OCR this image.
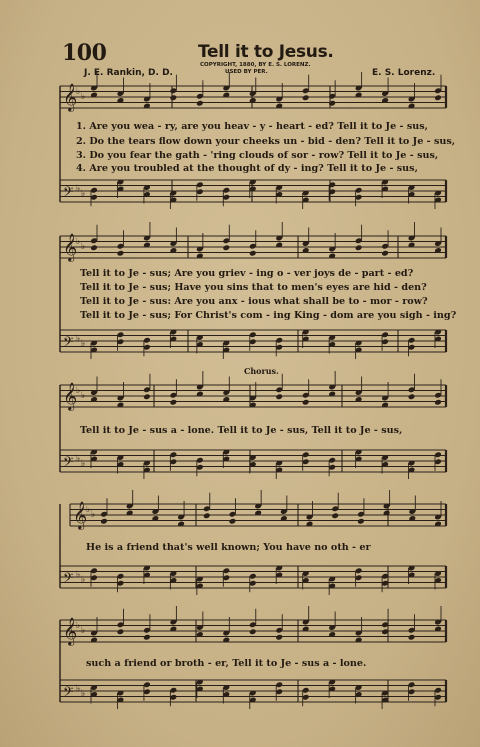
100	Tell it to Jesus.
COPYRIGHT, 1880, BY E. S. LORENZ.
USED BY PER.
J. E. Rankin, D. D.	E. S. Lorenz.
𝄞
♭ ♭
𝄢 ♭ ♭
𝄞
♭ ♭
𝄢 ♭ ♭
𝄞
♭ ♭
𝄢 ♭ ♭
𝄞
♭ ♭
𝄢 ♭ ♭
𝄞
♭ ♭
𝄢 ♭ ♭
1. Are you wea - ry, are you heav - y - heart - ed? Tell it to Je - sus,
2. Do the tears flow down your cheeks un - bid - den? Tell it to Je - sus,
3. Do you fear the gath - 'ring clouds of sor - row? Tell it to Je - sus,
4. Are you troubled at the thought of dy - ing? Tell it to Je - sus,
Tell it to Je - sus; Are you griev - ing o - ver joys de - part - ed?
Tell it to Je - sus; Have you sins that to men's eyes are hid - den?
Tell it to Je - sus: Are you anx - ious what shall be to - mor - row?
Tell it to Je - sus; For Christ's com - ing King - dom are you sigh - ing?
Chorus.
Tell it to Je - sus a - lone. Tell it to Je - sus, Tell it to Je - sus,
He is a friend that's well known; You have no oth - er
such a friend or broth - er, Tell it to Je - sus a - lone.
